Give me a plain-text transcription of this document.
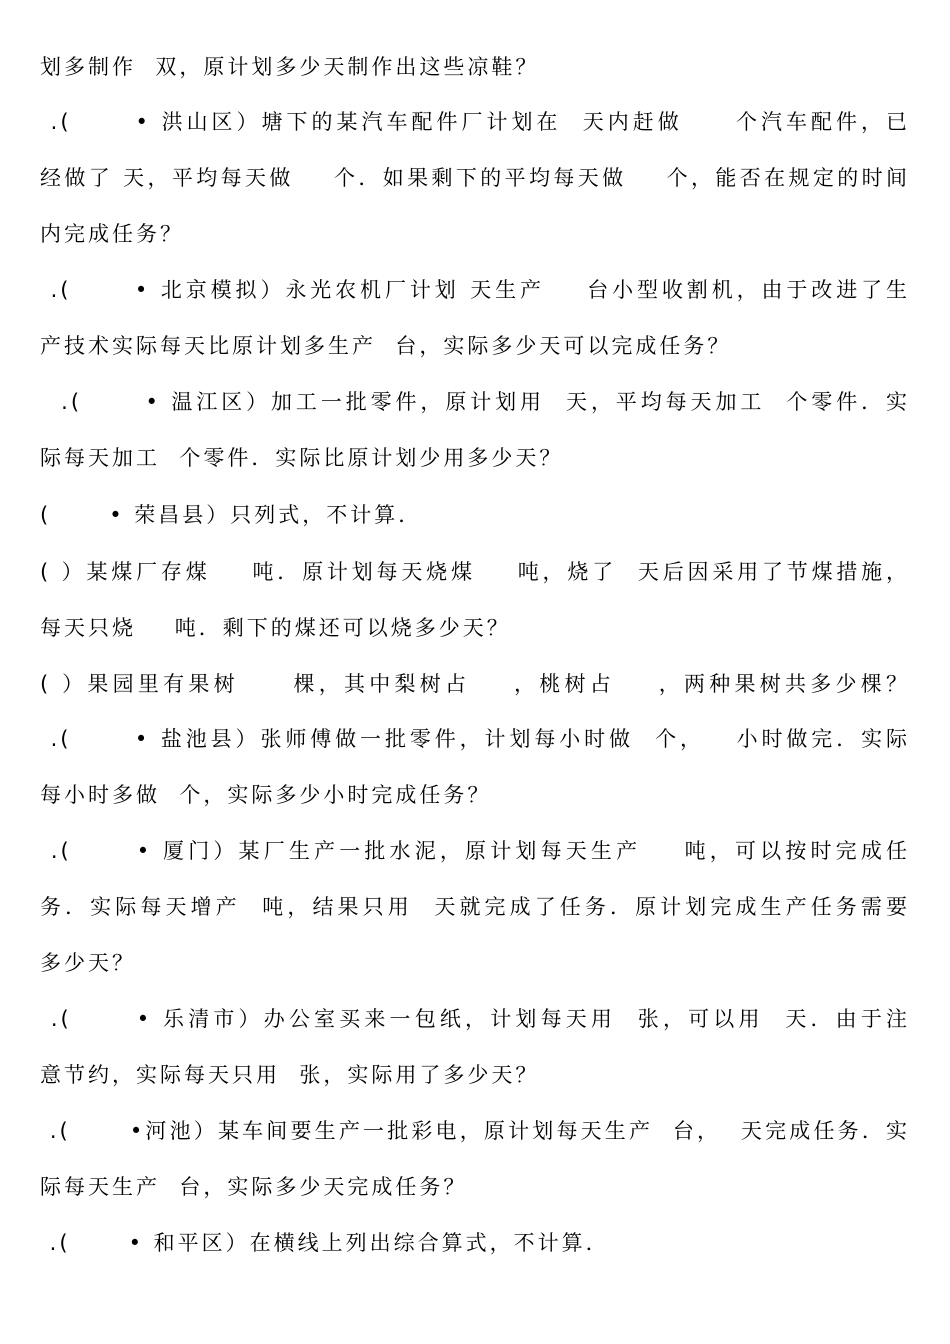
划多制作  双，原计划多少天制作出这些凉鞋？
.(      • 洪山区）塘下的某汽车配件厂计划在  天内赶做     个汽车配件，已
经做了 天，平均每天做    个．如果剩下的平均每天做    个，能否在规定的时间
内完成任务？
.(      • 北京模拟）永光农机厂计划 天生产    台小型收割机，由于改进了生
产技术实际每天比原计划多生产  台，实际多少天可以完成任务？
.(      • 温江区）加工一批零件，原计划用  天，平均每天加工  个零件．实
际每天加工  个零件．实际比原计划少用多少天？
(      • 荣昌县）只列式，不计算．
( ）某煤厂存煤    吨．原计划每天烧煤    吨，烧了  天后因采用了节煤措施，
每天只烧    吨．剩下的煤还可以烧多少天？
( ）果园里有果树     棵，其中梨树占    ，桃树占    ，两种果树共多少棵？
.(      • 盐池县）张师傅做一批零件，计划每小时做  个，   小时做完．实际
每小时多做  个，实际多少小时完成任务？
.(      • 厦门）某厂生产一批水泥，原计划每天生产    吨，可以按时完成任
务．实际每天增产  吨，结果只用  天就完成了任务．原计划完成生产任务需要
多少天？
.(      • 乐清市）办公室买来一包纸，计划每天用  张，可以用  天．由于注
意节约，实际每天只用  张，实际用了多少天？
.(      •河池）某车间要生产一批彩电，原计划每天生产  台，  天完成任务．实
际每天生产  台，实际多少天完成任务？
.(      • 和平区）在横线上列出综合算式，不计算．
